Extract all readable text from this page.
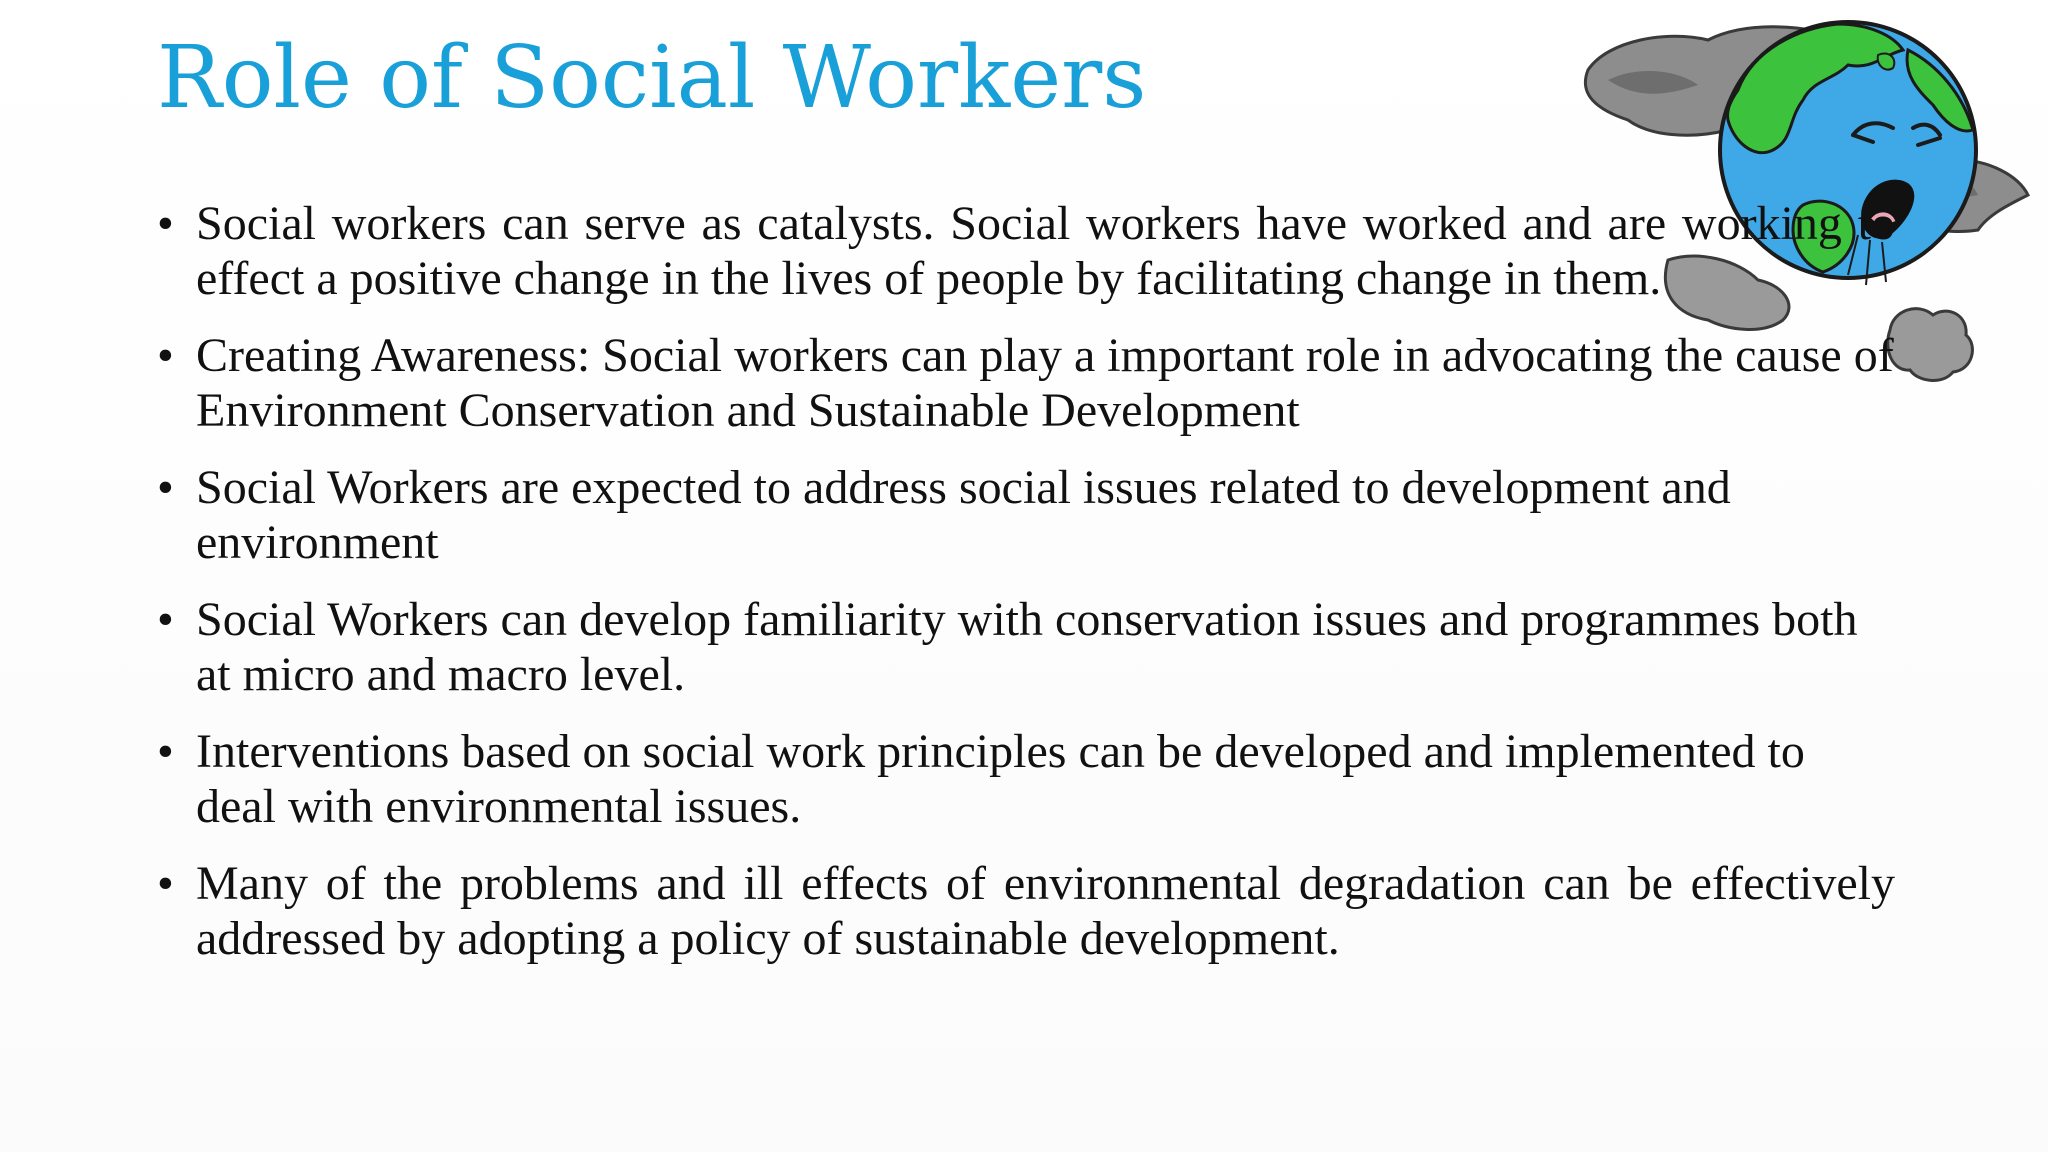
Role of Social Workers
• Social workers can serve as catalysts. Social workers have worked and are working to effect a positive change in the lives of people by facilitating change in them.
• Creating Awareness: Social workers can play a important role in advocating the cause of Environment Conservation and Sustainable Development
• Social Workers are expected to address social issues related to development and environment
• Social Workers can develop familiarity with conservation issues and programmes both at micro and macro level.
• Interventions based on social work principles can be developed and implemented to deal with environmental issues.
• Many of the problems and ill effects of environmental degradation can be effectively addressed by adopting a policy of sustainable development.
